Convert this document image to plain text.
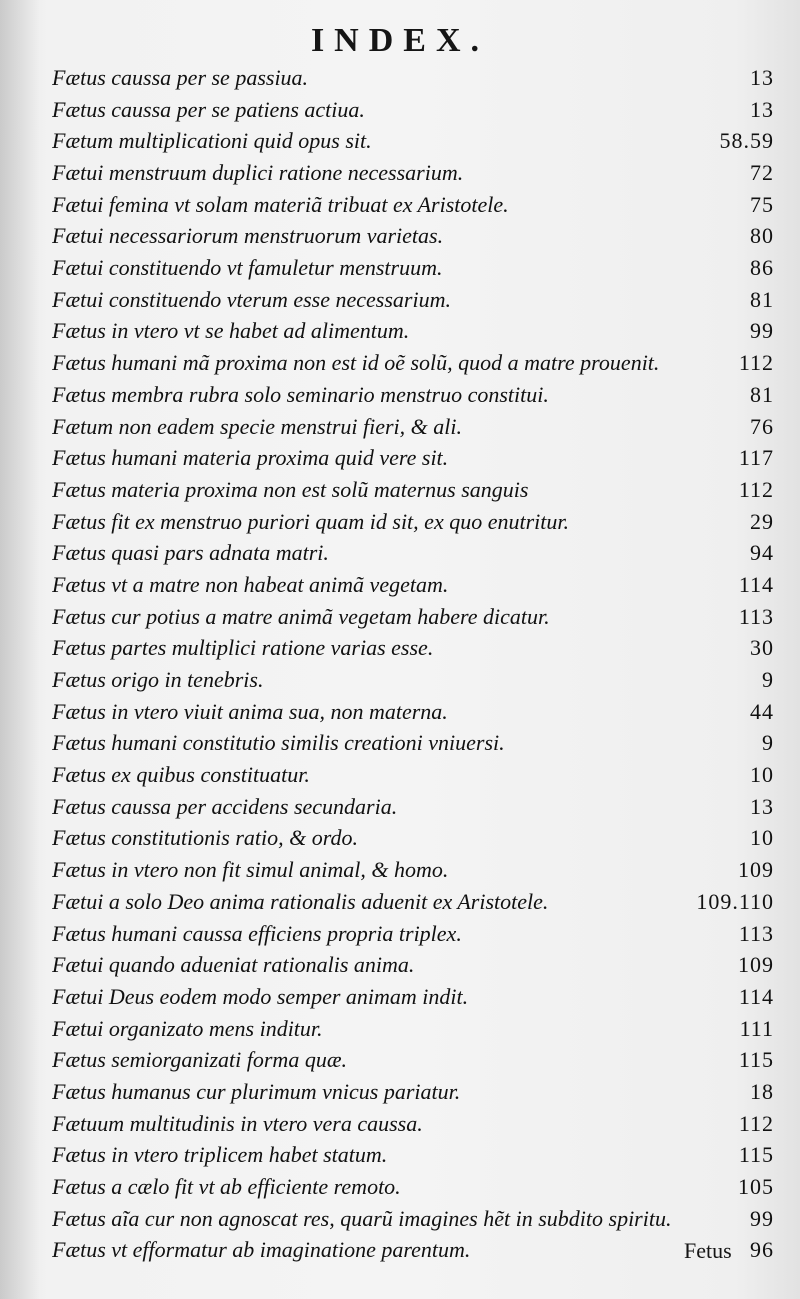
INDEX.
Fætus caussa per se passiua.	13
Fætus caussa per se patiens actiua.	13
Fætum multiplicationi quid opus sit.	58.59
Fætui menstruum duplici ratione necessarium.	72
Fætui femina vt solam materiã tribuat ex Aristotele.	75
Fætui necessariorum menstruorum varietas.	80
Fætui constituendo vt famuletur menstruum.	86
Fætui constituendo vterum esse necessarium.	81
Fætus in vtero vt se habet ad alimentum.	99
Fætus humani mã proxima non est id oẽ solũ, quod a matre prouenit.	112
Fætus membra rubra solo seminario menstruo constitui.	81
Fætum non eadem specie menstrui fieri, & ali.	76
Fætus humani materia proxima quid vere sit.	117
Fætus materia proxima non est solũ maternus sanguis	112
Fætus fit ex menstruo puriori quam id sit, ex quo enutritur.	29
Fætus quasi pars adnata matri.	94
Fætus vt a matre non habeat animã vegetam.	114
Fætus cur potius a matre animã vegetam habere dicatur.	113
Fætus partes multiplici ratione varias esse.	30
Fætus origo in tenebris.	9
Fætus in vtero viuit anima sua, non materna.	44
Fætus humani constitutio similis creationi vniuersi.	9
Fætus ex quibus constituatur.	10
Fætus caussa per accidens secundaria.	13
Fætus constitutionis ratio, & ordo.	10
Fætus in vtero non fit simul animal, & homo.	109
Fætui a solo Deo anima rationalis aduenit ex Aristotele.	109.110
Fætus humani caussa efficiens propria triplex.	113
Fætui quando adueniat rationalis anima.	109
Fætui Deus eodem modo semper animam indit.	114
Fætui organizato mens inditur.	111
Fætus semiorganizati forma quæ.	115
Fætus humanus cur plurimum vnicus pariatur.	18
Fætuum multitudinis in vtero vera caussa.	112
Fætus in vtero triplicem habet statum.	115
Fætus a cælo fit vt ab efficiente remoto.	105
Fætus aĩa cur non agnoscat res, quarũ imagines hẽt in subdito spiritu.	99
Fætus vt efformatur ab imaginatione parentum.	96
Fetus
